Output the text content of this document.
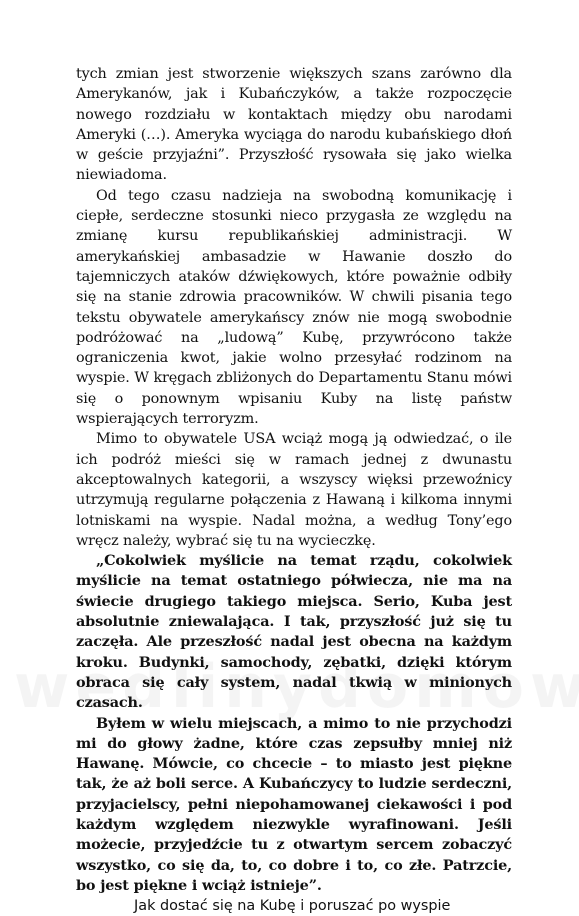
tych zmian jest stworzenie większych szans zarówno dla Amerykanów, jak i Kubańczyków, a także rozpoczęcie nowego rozdziału w kontaktach między obu narodami Ameryki (…). Ameryka wyciąga do narodu kubańskiego dłoń w geście przyjaźni”. Przyszłość rysowała się jako wielka niewiadoma.

Od tego czasu nadzieja na swobodną komunikację i ciepłe, serdeczne stosunki nieco przygasła ze względu na zmianę kursu republikańskiej administracji. W amerykańskiej ambasadzie w Hawanie doszło do tajemniczych ataków dźwiękowych, które poważnie odbiły się na stanie zdrowia pracowników. W chwili pisania tego tekstu obywatele amerykańscy znów nie mogą swobodnie podróżować na „ludową” Kubę, przywrócono także ograniczenia kwot, jakie wolno przesyłać rodzinom na wyspie. W kręgach zbliżonych do Departamentu Stanu mówi się o ponownym wpisaniu Kuby na listę państw wspierających terroryzm.

Mimo to obywatele USA wciąż mogą ją odwiedzać, o ile ich podróż mieści się w ramach jednej z dwunastu akceptowalnych kategorii, a wszyscy więksi przewoźnicy utrzymują regularne połączenia z Hawaną i kilkoma innymi lotniskami na wyspie. Nadal można, a według Tony’ego wręcz należy, wybrać się tu na wycieczkę.

„Cokolwiek myślicie na temat rządu, cokolwiek myślicie na temat ostatniego półwiecza, nie ma na świecie drugiego takiego miejsca. Serio, Kuba jest absolutnie zniewalająca. I tak, przyszłość już się tu zaczęła. Ale przeszłość nadal jest obecna na każdym kroku. Budynki, samochody, zębatki, dzięki którym obraca się cały system, nadal tkwią w minionych czasach.

Byłem w wielu miejscach, a mimo to nie przychodzi mi do głowy żadne, które czas zepsułby mniej niż Hawanę. Mówcie, co chcecie – to miasto jest piękne tak, że aż boli serce. A Kubańczycy to ludzie serdeczni, przyjacielscy, pełni niepohamowanej ciekawości i pod każdym względem niezwykle wyrafinowani. Jeśli możecie, przyjedźcie tu z otwartym sercem zobaczyć wszystko, co się da, to, co dobre i to, co złe. Patrzcie, bo jest piękne i wciąż istnieje”.

Jak dostać się na Kubę i poruszać po wyspie
